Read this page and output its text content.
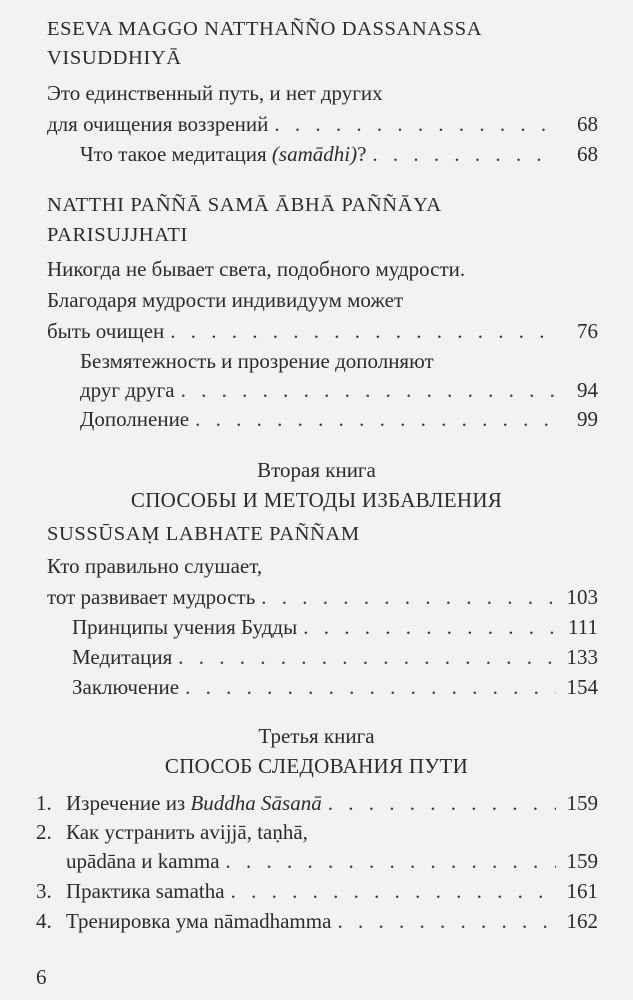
ESEVA MAGGO NATTHAÑÑO DASSANASSA
VISUDDHIYĀ
Это единственный путь, и нет других
для очищения воззрений . . .	68
Что такое медитация (samādhi)? . . .	68
NATTHI PAÑÑĀ SAMĀ ĀBHĀ PAÑÑĀYA
PARISUJJHATI
Никогда не бывает света, подобного мудрости.
Благодаря мудрости индивидуум может
быть очищен . . .	76
Безмятежность и прозрение дополняют
друг друга . . .	94
Дополнение . . .	99
Вторая книга
СПОСОБЫ И МЕТОДЫ ИЗБАВЛЕНИЯ
SUSSŪSAṂ LABHATE PAÑÑAM
Кто правильно слушает,
тот развивает мудрость . . .	103
Принципы учения Будды . . .	111
Медитация . . .	133
Заключение . . .	154
Третья книга
СПОСОБ СЛЕДОВАНИЯ ПУТИ
1. Изречение из Buddha Sāsanā . . .	159
2. Как устранить avijjā, taṇhā,
upādāna и kamma . . .	159
3. Практика samatha . . .	161
4. Тренировка ума nāmadhamma . . .	162
6
